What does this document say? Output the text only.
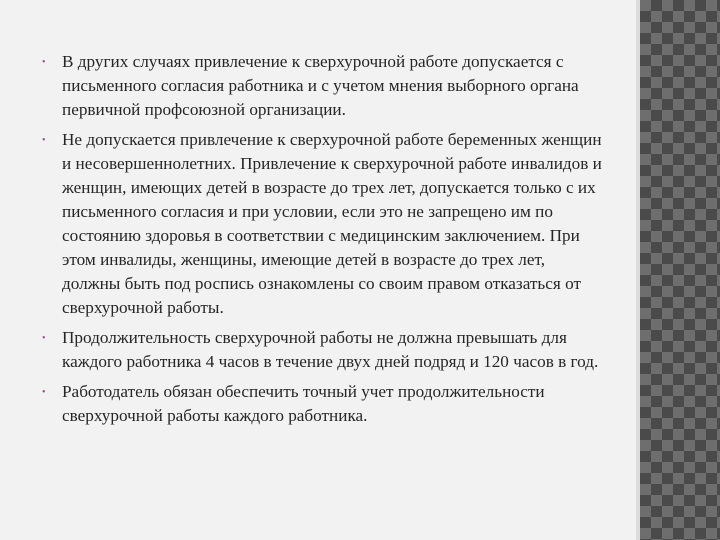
• В других случаях привлечение к сверхурочной работе допускается с письменного согласия работника и с учетом мнения выборного органа первичной профсоюзной организации.
• Не допускается привлечение к сверхурочной работе беременных женщин и несовершеннолетних. Привлечение к сверхурочной работе инвалидов и женщин, имеющих детей в возрасте до трех лет, допускается только с их письменного согласия и при условии, если это не запрещено им по состоянию здоровья в соответствии с медицинским заключением. При этом инвалиды, женщины, имеющие детей в возрасте до трех лет, должны быть под роспись ознакомлены со своим правом отказаться от сверхурочной работы.
• Продолжительность сверхурочной работы не должна превышать для каждого работника 4 часов в течение двух дней подряд и 120 часов в год.
• Работодатель обязан обеспечить точный учет продолжительности сверхурочной работы каждого работника.
